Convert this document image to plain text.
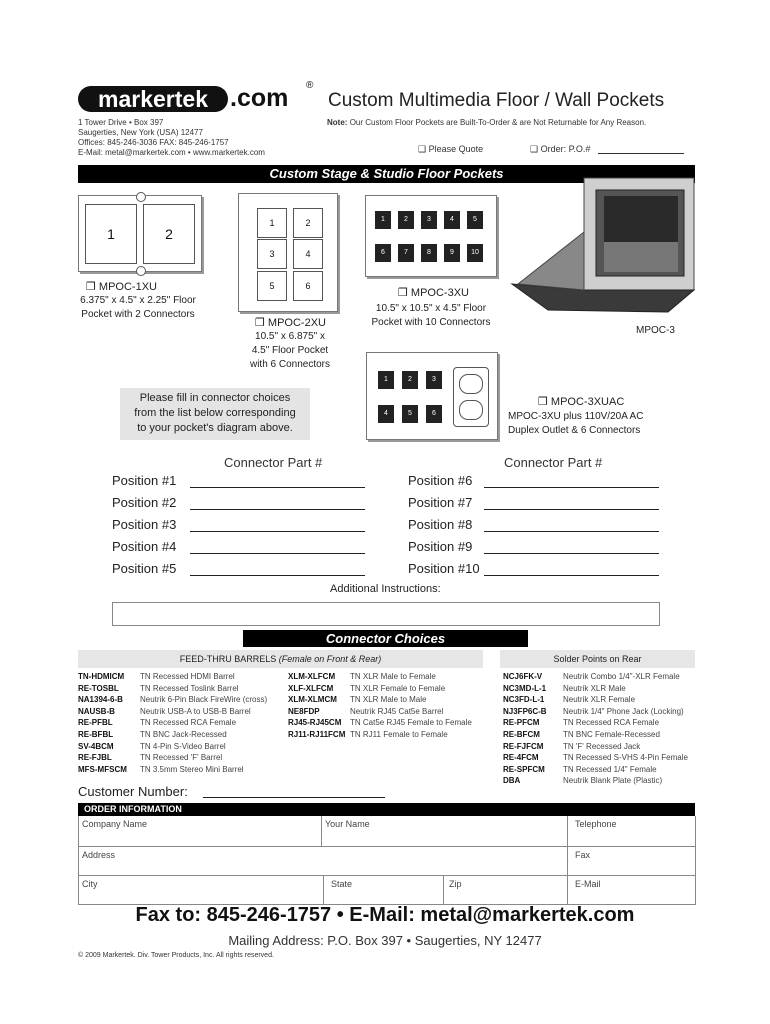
markertek .com ®
Custom Multimedia Floor / Wall Pockets
1 Tower Drive • Box 397
Saugerties, New York (USA) 12477
Offices: 845-246-3036 FAX: 845-246-1757
E-Mail: metal@markertek.com • www.markertek.com
Note: Our Custom Floor Pockets are Built-To-Order & are Not Returnable for Any Reason.
❑ Please Quote	❑ Order: P.O.#
Custom Stage & Studio Floor Pockets
1	2
❒ MPOC-1XU
6.375" x 4.5" x 2.25" Floor
Pocket with 2 Connectors
1	2
3	4
5	6
❒ MPOC-2XU
10.5" x 6.875" x
4.5" Floor Pocket
with 6 Connectors
1	2	3	4	5
6	7	8	9	10
❒ MPOC-3XU
10.5" x 10.5" x 4.5" Floor
Pocket with 10 Connectors
MPOC-3
Please fill in connector choices
from the list below corresponding
to your pocket's diagram above.
1	2	3
4	5	6
❒ MPOC-3XUAC
MPOC-3XU plus 110V/20A AC
Duplex Outlet & 6 Connectors
Connector Part #	Connector Part #
Position #1
Position #2
Position #3
Position #4
Position #5
Position #6
Position #7
Position #8
Position #9
Position #10
Additional Instructions:
Connector Choices
FEED-THRU BARRELS (Female on Front & Rear)	Solder Points on Rear
TN-HDMICM TN Recessed HDMI Barrel
RE-TOSBL	TN Recessed Toslink Barrel
NA1394-6-B Neutrik 6-Pin Black FireWire (cross)
NAUSB-B	Neutrik USB-A to USB-B Barrel
RE-PFBL	TN Recessed RCA Female
RE-BFBL	TN BNC Jack-Recessed
SV-4BCM	TN 4-Pin S-Video Barrel
RE-FJBL	TN Recessed 'F' Barrel
MFS-MFSCM TN 3.5mm Stereo Mini Barrel
XLM-XLFCM TN XLR Male to Female
XLF-XLFCM TN XLR Female to Female
XLM-XLMCM TN XLR Male to Male
NE8FDP	Neutrik RJ45 Cat5e Barrel
RJ45-RJ45CM TN Cat5e RJ45 Female to Female
RJ11-RJ11FCM TN RJ11 Female to Female
NCJ6FK-V	Neutrik Combo 1/4"-XLR Female
NC3MD-L-1 Neutrik XLR Male
NC3FD-L-1 Neutrik XLR Female
NJ3FP6C-B Neutrik 1/4" Phone Jack (Locking)
RE-PFCM	TN Recessed RCA Female
RE-BFCM	TN BNC Female-Recessed
RE-FJFCM TN 'F' Recessed Jack
RE-4FCM	TN Recessed S-VHS 4-Pin Female
RE-SPFCM TN Recessed 1/4" Female
DBA	Neutrik Blank Plate (Plastic)
Customer Number:
ORDER INFORMATION
Company Name	Your Name	Telephone
Address	Fax
City	State	Zip	E-Mail
Fax to: 845-246-1757 • E-Mail: metal@markertek.com
Mailing Address: P.O. Box 397 • Saugerties, NY 12477
© 2009 Markertek. Div. Tower Products, Inc. All rights reserved.
